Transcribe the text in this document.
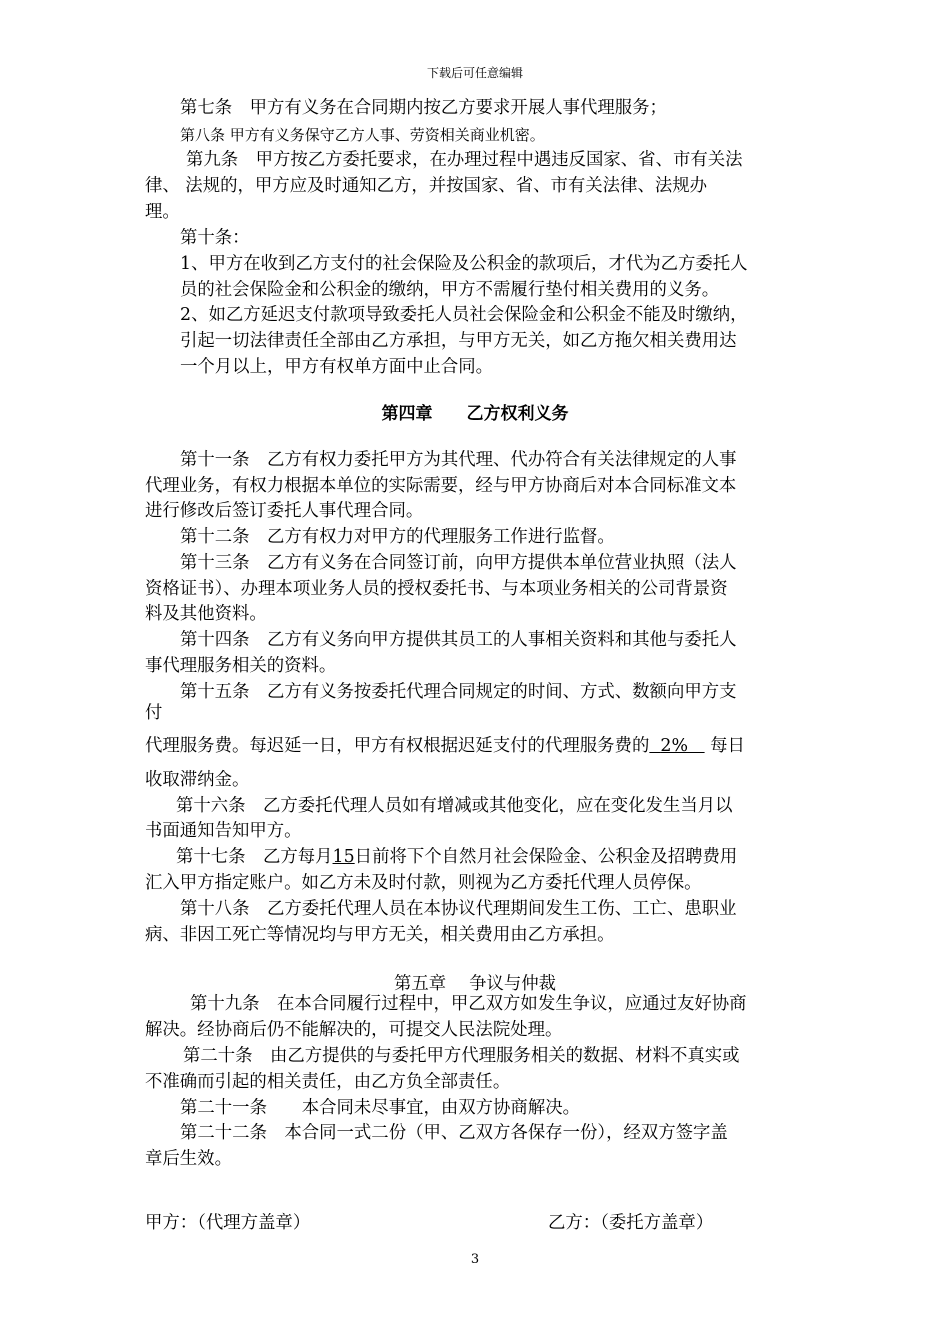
下载后可任意编辑
第七条　甲方有义务在合同期内按乙方要求开展人事代理服务；
第八条 甲方有义务保守乙方人事、劳资相关商业机密。
第九条　甲方按乙方委托要求，在办理过程中遇违反国家、省、市有关法
律、 法规的，甲方应及时通知乙方，并按国家、省、市有关法律、法规办
理。
第十条：
1、甲方在收到乙方支付的社会保险及公积金的款项后，才代为乙方委托人
员的社会保险金和公积金的缴纳，甲方不需履行垫付相关费用的义务。
2、如乙方延迟支付款项导致委托人员社会保险金和公积金不能及时缴纳，
引起一切法律责任全部由乙方承担，与甲方无关，如乙方拖欠相关费用达
一个月以上，甲方有权单方面中止合同。
第四章　　 乙方权利义务
第十一条　乙方有权力委托甲方为其代理、代办符合有关法律规定的人事
代理业务，有权力根据本单位的实际需要，经与甲方协商后对本合同标准文本
进行修改后签订委托人事代理合同。
第十二条　乙方有权力对甲方的代理服务工作进行监督。
第十三条　乙方有义务在合同签订前，向甲方提供本单位营业执照（法人
资格证书）、办理本项业务人员的授权委托书、与本项业务相关的公司背景资
料及其他资料。
第十四条　乙方有义务向甲方提供其员工的人事相关资料和其他与委托人
事代理服务相关的资料。
第十五条　乙方有义务按委托代理合同规定的时间、方式、数额向甲方支
付
代理服务费。每迟延一日，甲方有权根据迟延支付的代理服务费的 2% 每日
收取滞纳金。
第十六条　乙方委托代理人员如有增减或其他变化，应在变化发生当月以
书面通知告知甲方。
第十七条　乙方每月15日前将下个自然月社会保险金、公积金及招聘费用
汇入甲方指定账户。如乙方未及时付款，则视为乙方委托代理人员停保。
第十八条　乙方委托代理人员在本协议代理期间发生工伤、工亡、患职业
病、非因工死亡等情况均与甲方无关，相关费用由乙方承担。
第五章　 争议与仲裁
第十九条　在本合同履行过程中，甲乙双方如发生争议，应通过友好协商
解决。经协商后仍不能解决的，可提交人民法院处理。
第二十条　由乙方提供的与委托甲方代理服务相关的数据、材料不真实或
不准确而引起的相关责任，由乙方负全部责任。
第二十一条　　本合同未尽事宜，由双方协商解决。
第二十二条　本合同一式二份（甲、乙双方各保存一份），经双方签字盖
章后生效。
甲方：（代理方盖章）	乙方：（委托方盖章）
3
